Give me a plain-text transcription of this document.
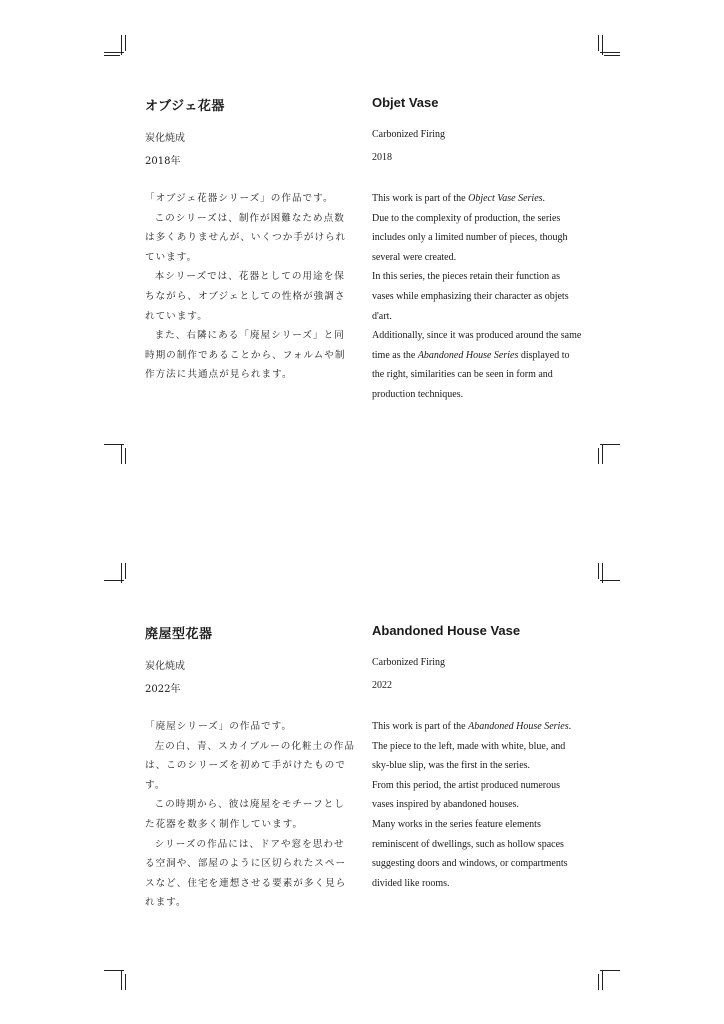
オブジェ花器
炭化焼成
2018年

「オブジェ花器シリーズ」の作品です。

このシリーズは、制作が困難なため点数は多くありませんが、いくつか手がけられています。

本シリーズでは、花器としての用途を保ちながら、オブジェとしての性格が強調されています。

また、右隣にある「廃屋シリーズ」と同時期の制作であることから、フォルムや制作方法に共通点が見られます。

Objet Vase
Carbonized Firing
2018

This work is part of the Object Vase Series.

Due to the complexity of production, the series includes only a limited number of pieces, though several were created.

In this series, the pieces retain their function as vases while emphasizing their character as objets d'art.

Additionally, since it was produced around the same time as the Abandoned House Series displayed to the right, similarities can be seen in form and production techniques.

廃屋型花器
炭化焼成
2022年

「廃屋シリーズ」の作品です。

左の白、青、スカイブルーの化粧土の作品は、このシリーズを初めて手がけたものです。

この時期から、彼は廃屋をモチーフとした花器を数多く制作しています。

シリーズの作品には、ドアや窓を思わせる空洞や、部屋のように区切られたスペースなど、住宅を連想させる要素が多く見られます。

Abandoned House Vase
Carbonized Firing
2022

This work is part of the Abandoned House Series.

The piece to the left, made with white, blue, and sky-blue slip, was the first in the series.

From this period, the artist produced numerous vases inspired by abandoned houses.

Many works in the series feature elements reminiscent of dwellings, such as hollow spaces suggesting doors and windows, or compartments divided like rooms.
